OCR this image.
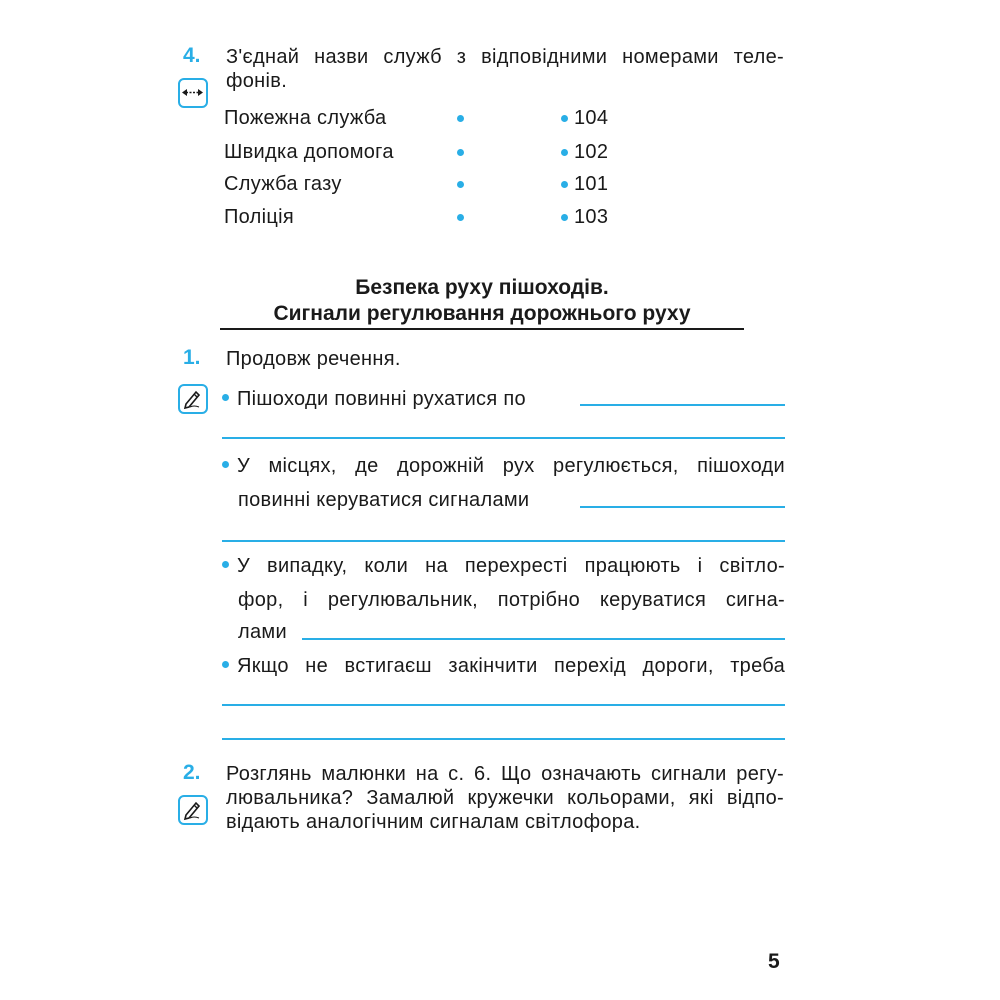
4. З'єднай назви служб з відповідними номерами теле-
фонів.
Пожежна служба
Швидка допомога
Служба газу
Поліція
104
102
101
103
Безпека руху пішоходів.
Сигнали регулювання дорожнього руху
1. Продовж речення.
Пішоходи повинні рухатися по
У місцях, де дорожній рух регулюється, пішоходи
повинні керуватися сигналами
У випадку, коли на перехресті працюють і світло-
фор, і регулювальник, потрібно керуватися сигна-
лами
Якщо не встигаєш закінчити перехід дороги, треба
2. Розглянь малюнки на с. 6. Що означають сигнали регу-
лювальника? Замалюй кружечки кольорами, які відпо-
відають аналогічним сигналам світлофора.
5
